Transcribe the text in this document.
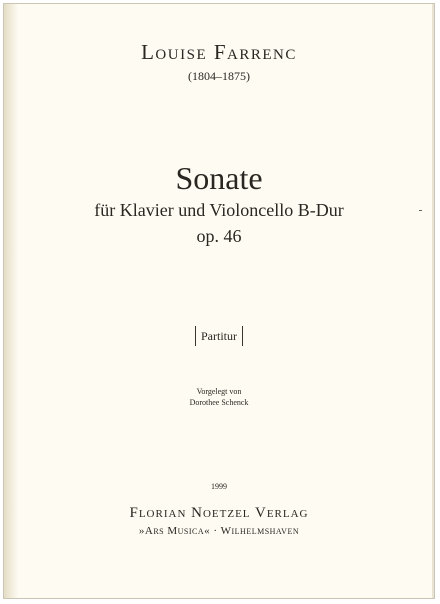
Louise Farrenc
(1804–1875)
Sonate
für Klavier und Violoncello B-Dur
op. 46
Partitur
Vorgelegt von
Dorothee Schenck
1999
Florian Noetzel Verlag
»Ars Musica« · Wilhelmshaven
